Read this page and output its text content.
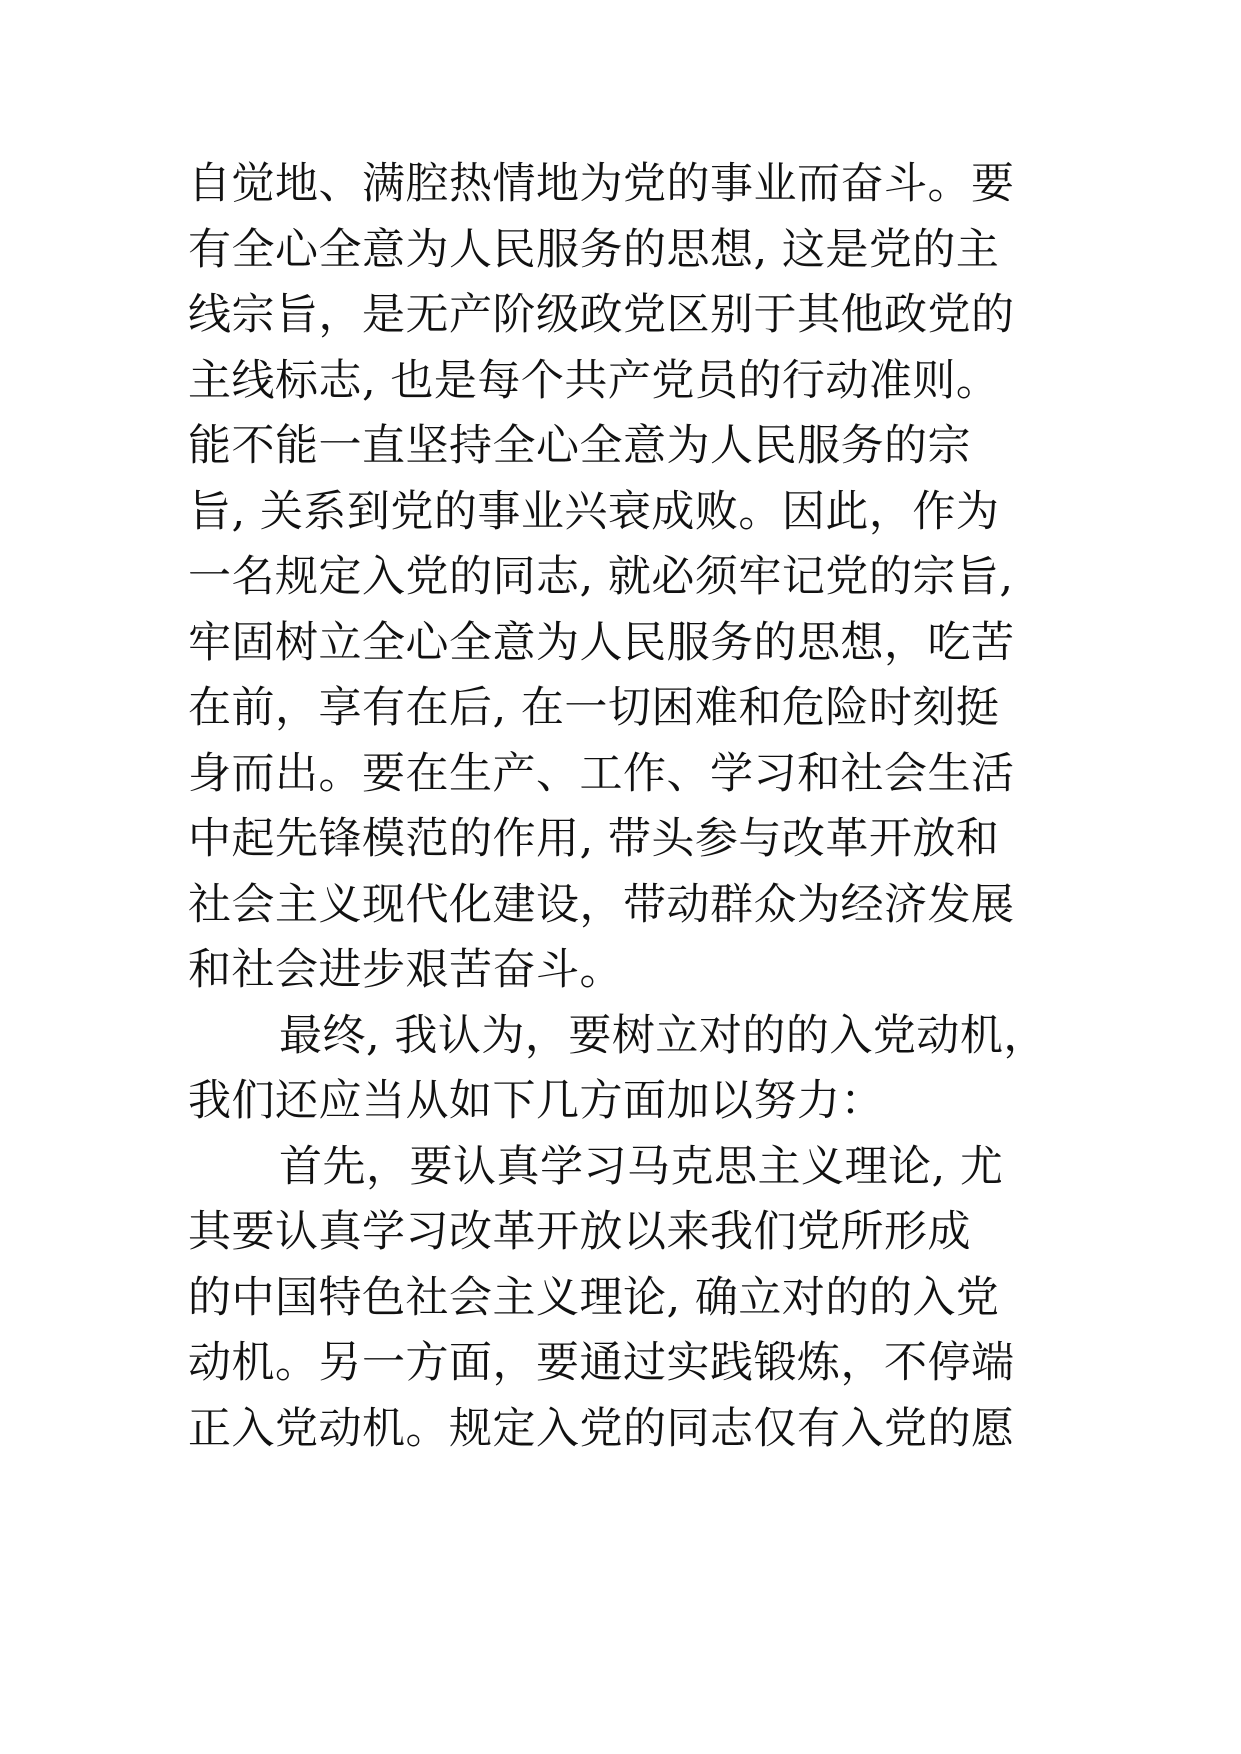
自觉地、满腔热情地为党的事业而奋斗。要
有全心全意为人民服务的思想, 这是党的主
线宗旨，是无产阶级政党区别于其他政党的
主线标志, 也是每个共产党员的行动准则。
能不能一直坚持全心全意为人民服务的宗
旨, 关系到党的事业兴衰成败。因此，作为
一名规定入党的同志, 就必须牢记党的宗旨,
牢固树立全心全意为人民服务的思想，吃苦
在前，享有在后, 在一切困难和危险时刻挺
身而出。要在生产、工作、学习和社会生活
中起先锋模范的作用, 带头参与改革开放和
社会主义现代化建设，带动群众为经济发展
和社会进步艰苦奋斗。
最终, 我认为，要树立对的的入党动机，
我们还应当从如下几方面加以努力：
首先，要认真学习马克思主义理论, 尤
其要认真学习改革开放以来我们党所形成
的中国特色社会主义理论, 确立对的的入党
动机。另一方面，要通过实践锻炼，不停端
正入党动机。规定入党的同志仅有入党的愿
